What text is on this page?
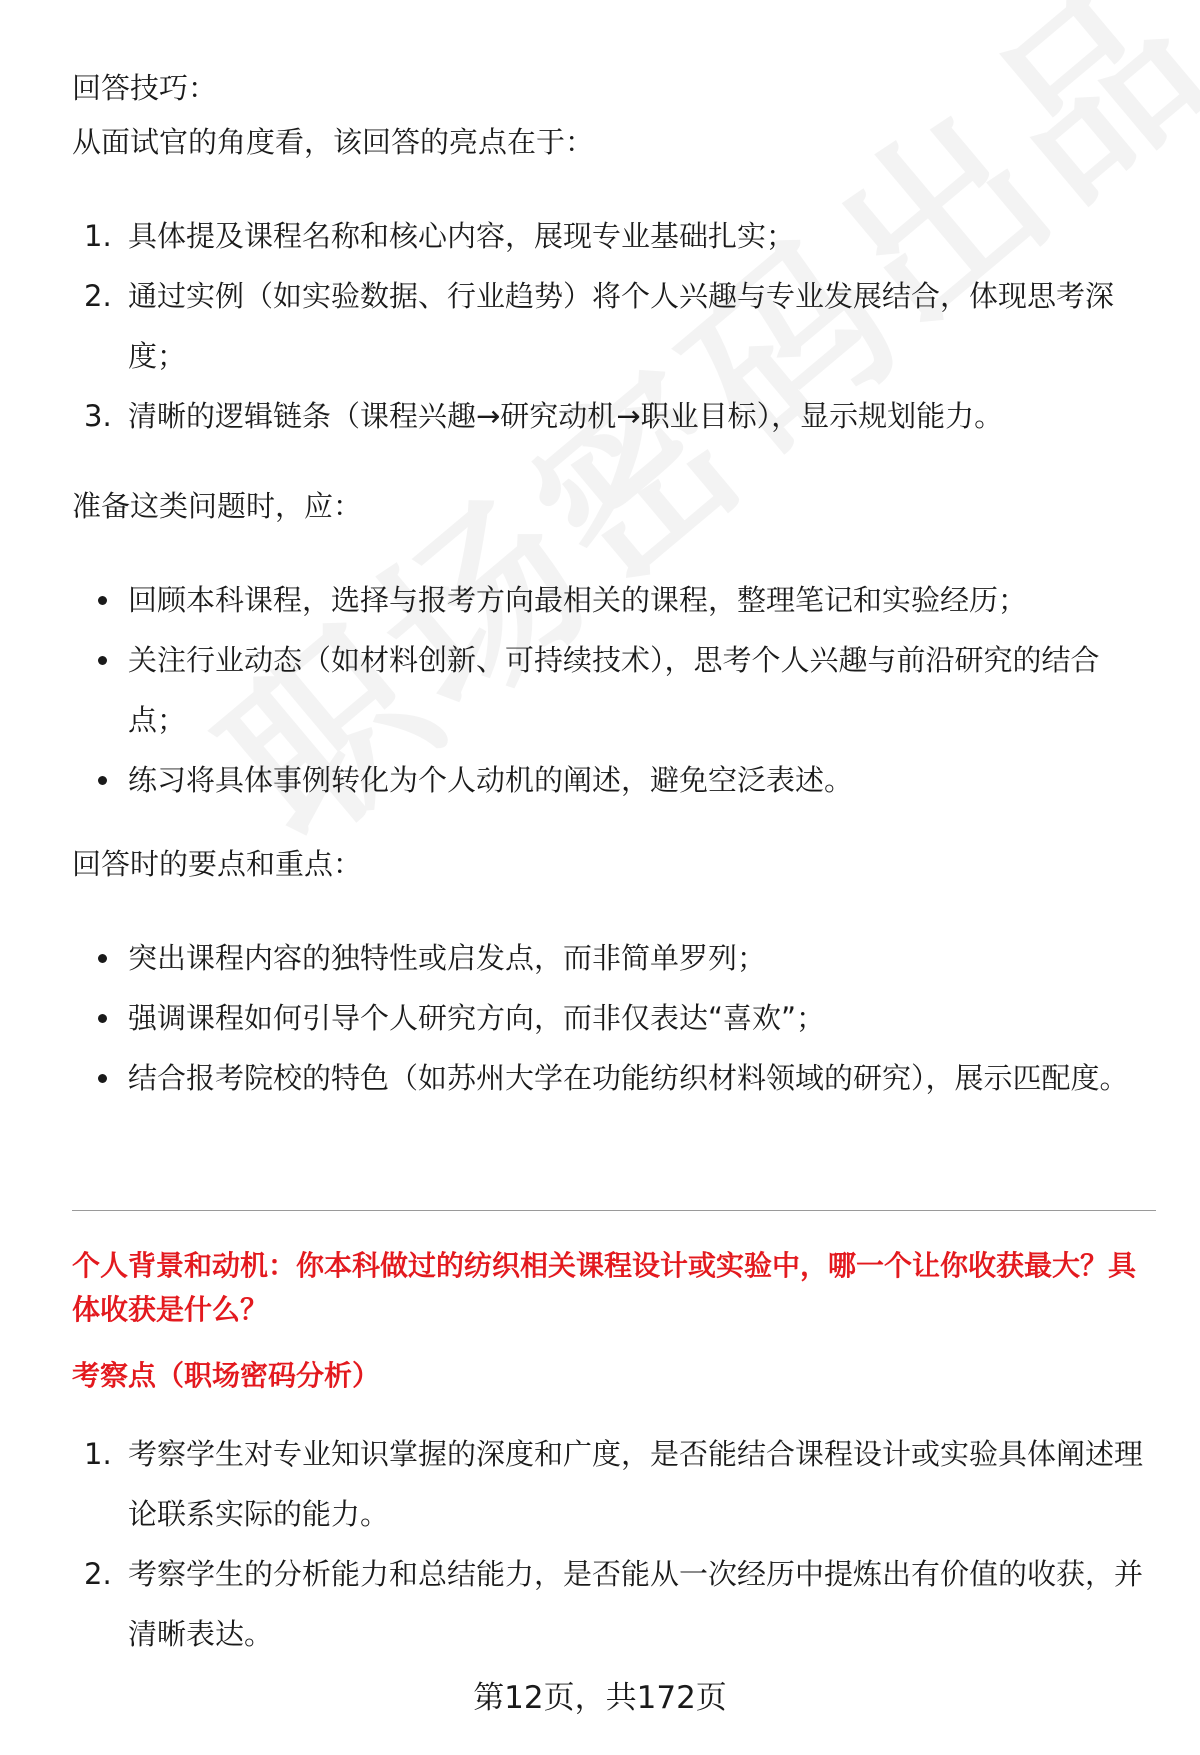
回答技巧：

从面试官的角度看，该回答的亮点在于：

1. 具体提及课程名称和核心内容，展现专业基础扎实；
2. 通过实例（如实验数据、行业趋势）将个人兴趣与专业发展结合，体现思考深度；
3. 清晰的逻辑链条（课程兴趣→研究动机→职业目标），显示规划能力。

准备这类问题时，应：

回顾本科课程，选择与报考方向最相关的课程，整理笔记和实验经历；
关注行业动态（如材料创新、可持续技术），思考个人兴趣与前沿研究的结合点；
练习将具体事例转化为个人动机的阐述，避免空泛表述。

回答时的要点和重点：

突出课程内容的独特性或启发点，而非简单罗列；
强调课程如何引导个人研究方向，而非仅表达“喜欢”；
结合报考院校的特色（如苏州大学在功能纺织材料领域的研究），展示匹配度。

个人背景和动机：你本科做过的纺织相关课程设计或实验中，哪一个让你收获最大？具体收获是什么？

考察点（职场密码分析）

1. 考察学生对专业知识掌握的深度和广度，是否能结合课程设计或实验具体阐述理论联系实际的能力。
2. 考察学生的分析能力和总结能力，是否能从一次经历中提炼出有价值的收获，并清晰表达。
第12页，共172页
